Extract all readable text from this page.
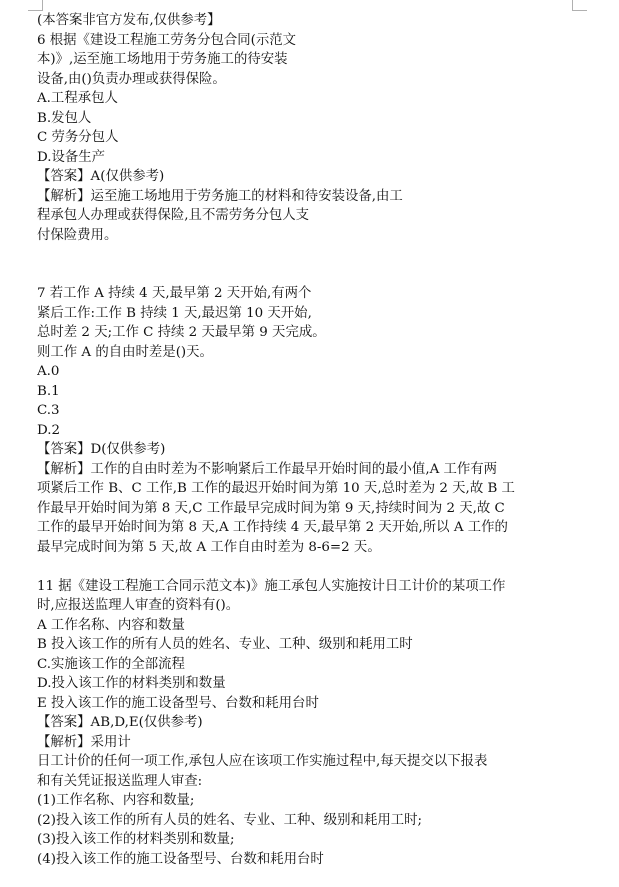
(本答案非官方发布,仅供参考】
6 根据《建设工程施工劳务分包合同(示范文
本)》,运至施工场地用于劳务施工的待安装
设备,由()负责办理或获得保险。
A.工程承包人
B.发包人
C 劳务分包人
D.设备生产
【答案】A(仅供参考)
【解析】运至施工场地用于劳务施工的材料和待安装设备,由工
程承包人办理或获得保险,且不需劳务分包人支
付保险费用。
7 若工作 A 持续 4 天,最早第 2 天开始,有两个
紧后工作:工作 B 持续 1 天,最迟第 10 天开始,
总时差 2 天;工作 C 持续 2 天最早第 9 天完成。
则工作 A 的自由时差是()天。
A.0
B.1
C.3
D.2
【答案】D(仅供参考)
【解析】工作的自由时差为不影响紧后工作最早开始时间的最小值,A 工作有两
项紧后工作 B、C 工作,B 工作的最迟开始时间为第 10 天,总时差为 2 天,故 B 工
作最早开始时间为第 8 天,C 工作最早完成时间为第 9 天,持续时间为 2 天,故 C
工作的最早开始时间为第 8 天,A 工作持续 4 天,最早第 2 天开始,所以 A 工作的
最早完成时间为第 5 天,故 A 工作自由时差为 8-6=2 天。
11 据《建设工程施工合同示范文本)》施工承包人实施按计日工计价的某项工作
时,应报送监理人审查的资料有()。
A 工作名称、内容和数量
B 投入该工作的所有人员的姓名、专业、工种、级别和耗用工时
C.实施该工作的全部流程
D.投入该工作的材料类别和数量
E 投入该工作的施工设备型号、台数和耗用台时
【答案】AB,D,E(仅供参考)
【解析】采用计
日工计价的任何一项工作,承包人应在该项工作实施过程中,每天提交以下报表
和有关凭证报送监理人审查:
(1)工作名称、内容和数量;
(2)投入该工作的所有人员的姓名、专业、工种、级别和耗用工时;
(3)投入该工作的材料类别和数量;
(4)投入该工作的施工设备型号、台数和耗用台时
